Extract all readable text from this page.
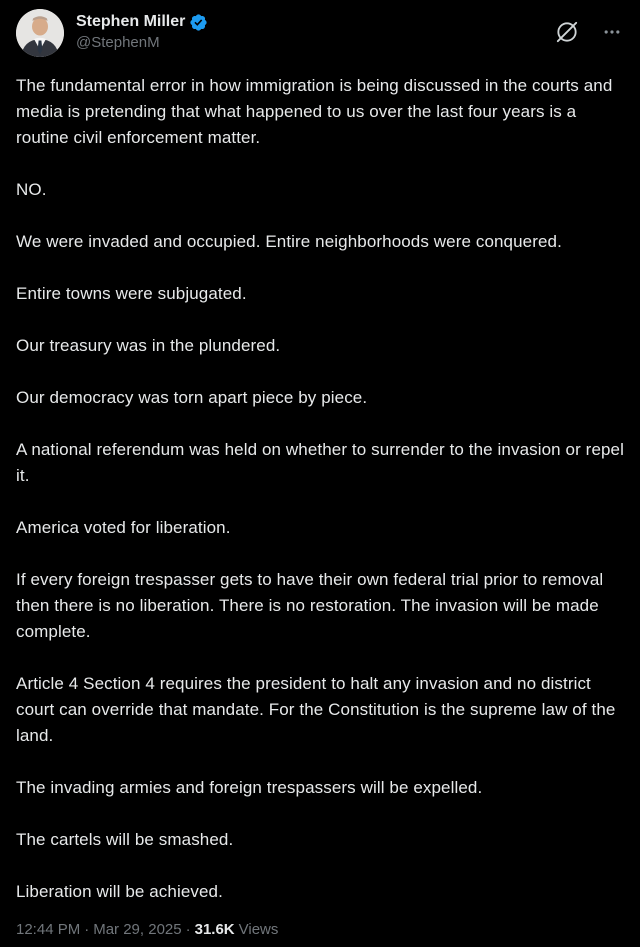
Stephen Miller
@StephenM

The fundamental error in how immigration is being discussed in the courts and media is pretending that what happened to us over the last four years is a routine civil enforcement matter.

NO.

We were invaded and occupied. Entire neighborhoods were conquered.

Entire towns were subjugated.

Our treasury was in the plundered.

Our democracy was torn apart piece by piece.

A national referendum was held on whether to surrender to the invasion or repel it.

America voted for liberation.

If every foreign trespasser gets to have their own federal trial prior to removal then there is no liberation. There is no restoration. The invasion will be made complete.

Article 4 Section 4 requires the president to halt any invasion and no district court can override that mandate. For the Constitution is the supreme law of the land.

The invading armies and foreign trespassers will be expelled.

The cartels will be smashed.

Liberation will be achieved.

12:44 PM · Mar 29, 2025 · 31.6K Views
